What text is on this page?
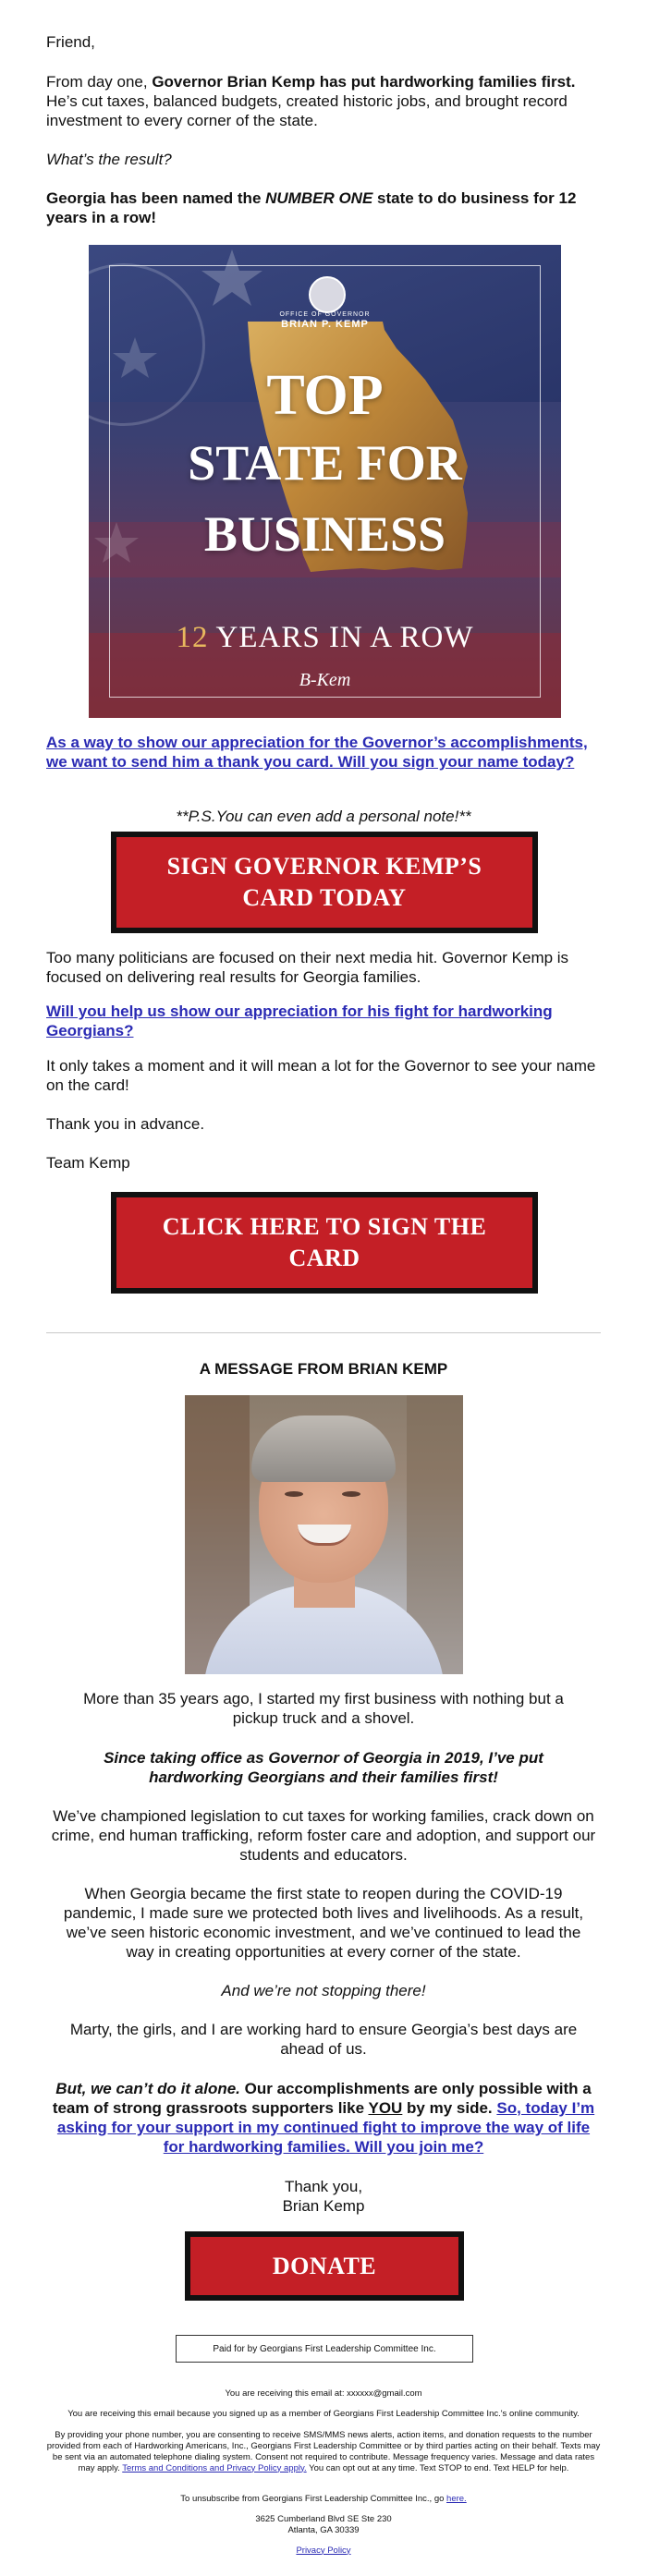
Friend,

From day one, Governor Brian Kemp has put hardworking families first. He’s cut taxes, balanced budgets, created historic jobs, and brought record investment to every corner of the state.

What’s the result?

Georgia has been named the NUMBER ONE state to do business for 12 years in a row!

OFFICE OF GOVERNOR
BRIAN P. KEMP
TOP
STATE FOR
BUSINESS
12 YEARS IN A ROW
B-Kem

As a way to show our appreciation for the Governor’s accomplishments, we want to send him a thank you card. Will you sign your name today?

**P.S.You can even add a personal note!**

SIGN GOVERNOR KEMP’S CARD TODAY

Too many politicians are focused on their next media hit. Governor Kemp is focused on delivering real results for Georgia families.

Will you help us show our appreciation for his fight for hardworking Georgians?

It only takes a moment and it will mean a lot for the Governor to see your name on the card!

Thank you in advance.

Team Kemp

CLICK HERE TO SIGN THE CARD

A MESSAGE FROM BRIAN KEMP

More than 35 years ago, I started my first business with nothing but a pickup truck and a shovel.

Since taking office as Governor of Georgia in 2019, I’ve put hardworking Georgians and their families first!

We’ve championed legislation to cut taxes for working families, crack down on crime, end human trafficking, reform foster care and adoption, and support our students and educators.

When Georgia became the first state to reopen during the COVID-19 pandemic, I made sure we protected both lives and livelihoods. As a result, we’ve seen historic economic investment, and we’ve continued to lead the way in creating opportunities at every corner of the state.

And we’re not stopping there!

Marty, the girls, and I are working hard to ensure Georgia’s best days are ahead of us.

But, we can’t do it alone. Our accomplishments are only possible with a team of strong grassroots supporters like YOU by my side. So, today I’m asking for your support in my continued fight to improve the way of life for hardworking families. Will you join me?

Thank you,

Brian Kemp

DONATE
Paid for by Georgians First Leadership Committee Inc.

You are receiving this email at: xxxxxx@gmail.com

You are receiving this email because you signed up as a member of Georgians First Leadership Committee Inc.'s online community.

By providing your phone number, you are consenting to receive SMS/MMS news alerts, action items, and donation requests to the number provided from each of Hardworking Americans, Inc., Georgians First Leadership Committee or by third parties acting on their behalf. Texts may be sent via an automated telephone dialing system. Consent not required to contribute. Message frequency varies. Message and data rates may apply. Terms and Conditions and Privacy Policy apply. You can opt out at any time. Text STOP to end. Text HELP for help.

To unsubscribe from Georgians First Leadership Committee Inc., go here.

3625 Cumberland Blvd SE Ste 230

Atlanta, GA 30339

Privacy Policy
